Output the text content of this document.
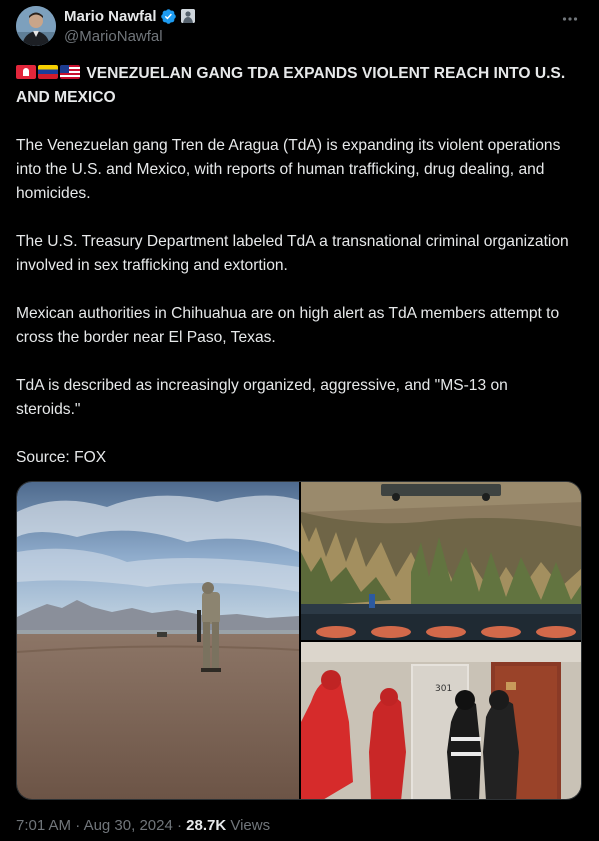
Mario Nawfal
@MarioNawfal
VENEZUELAN GANG TDA EXPANDS VIOLENT REACH INTO U.S. AND MEXICO

The Venezuelan gang Tren de Aragua (TdA) is expanding its violent operations into the U.S. and Mexico, with reports of human trafficking, drug dealing, and homicides.

The U.S. Treasury Department labeled TdA a transnational criminal organization involved in sex trafficking and extortion.

Mexican authorities in Chihuahua are on high alert as TdA members attempt to cross the border near El Paso, Texas.

TdA is described as increasingly organized, aggressive, and "MS-13 on steroids."

Source: FOX

301
7:01 AM · Aug 30, 2024 · 28.7K Views
